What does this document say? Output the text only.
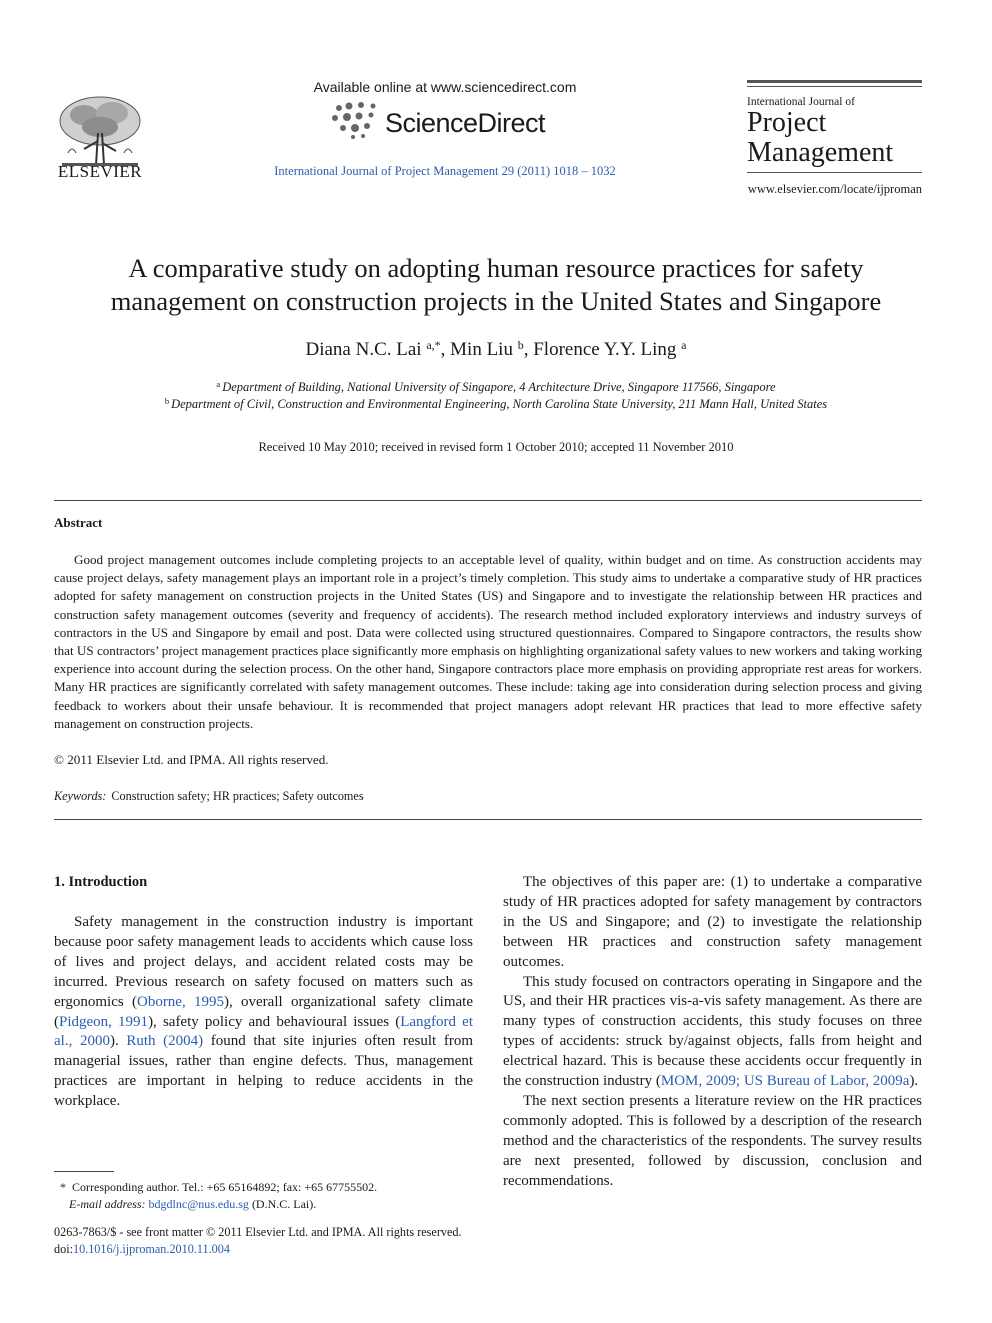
ELSEVIER
Available online at www.sciencedirect.com
ScienceDirect
International Journal of Project Management 29 (2011) 1018 – 1032
International Journal of
Project
Management
www.elsevier.com/locate/ijproman
A comparative study on adopting human resource practices for safety
management on construction projects in the United States and Singapore
Diana N.C. Lai $^{a,*}$, Min Liu $^b$, Florence Y.Y. Ling $^a$
$^a$ Department of Building, National University of Singapore, 4 Architecture Drive, Singapore 117566, Singapore
$^b$ Department of Civil, Construction and Environmental Engineering, North Carolina State University, 211 Mann Hall, United States
Received 10 May 2010; received in revised form 1 October 2010; accepted 11 November 2010
Abstract

Good project management outcomes include completing projects to an acceptable level of quality, within budget and on time. As construction accidents may cause project delays, safety management plays an important role in a project’s timely completion. This study aims to undertake a comparative study of HR practices adopted for safety management on construction projects in the United States (US) and Singapore and to investigate the relationship between HR practices and construction safety management outcomes (severity and frequency of accidents). The research method included exploratory interviews and industry surveys of contractors in the US and Singapore by email and post. Data were collected using structured questionnaires. Compared to Singapore contractors, the results show that US contractors’ project management practices place significantly more emphasis on highlighting organizational safety values to new workers and taking working experience into account during the selection process. On the other hand, Singapore contractors place more emphasis on providing appropriate rest areas for workers. Many HR practices are significantly correlated with safety management outcomes. These include: taking age into consideration during selection process and giving feedback to workers about their unsafe behaviour. It is recommended that project managers adopt relevant HR practices that lead to more effective safety management on construction projects.

© 2011 Elsevier Ltd. and IPMA. All rights reserved.
Keywords: Construction safety; HR practices; Safety outcomes
1. Introduction

Safety management in the construction industry is important because poor safety management leads to accidents which cause loss of lives and project delays, and accident related costs may be incurred. Previous research on safety focused on matters such as ergonomics (Oborne, 1995), overall organizational safety climate (Pidgeon, 1991), safety policy and behavioural issues (Langford et al., 2000). Ruth (2004) found that site injuries often result from managerial issues, rather than engine defects. Thus, management practices are important in helping to reduce accidents in the workplace.

* Corresponding author. Tel.: +65 65164892; fax: +65 67755502.
E-mail address: bdgdlnc@nus.edu.sg (D.N.C. Lai).
0263-7863/$ - see front matter © 2011 Elsevier Ltd. and IPMA. All rights reserved.
doi:10.1016/j.ijproman.2010.11.004

The objectives of this paper are: (1) to undertake a comparative study of HR practices adopted for safety management by contractors in the US and Singapore; and (2) to investigate the relationship between HR practices and construction safety management outcomes.

This study focused on contractors operating in Singapore and the US, and their HR practices vis-a-vis safety management. As there are many types of construction accidents, this study focuses on three types of accidents: struck by/against objects, falls from height and electrical hazard. This is because these accidents occur frequently in the construction industry (MOM, 2009; US Bureau of Labor, 2009a).

The next section presents a literature review on the HR practices commonly adopted. This is followed by a description of the research method and the characteristics of the respondents. The survey results are next presented, followed by discussion, conclusion and recommendations.
